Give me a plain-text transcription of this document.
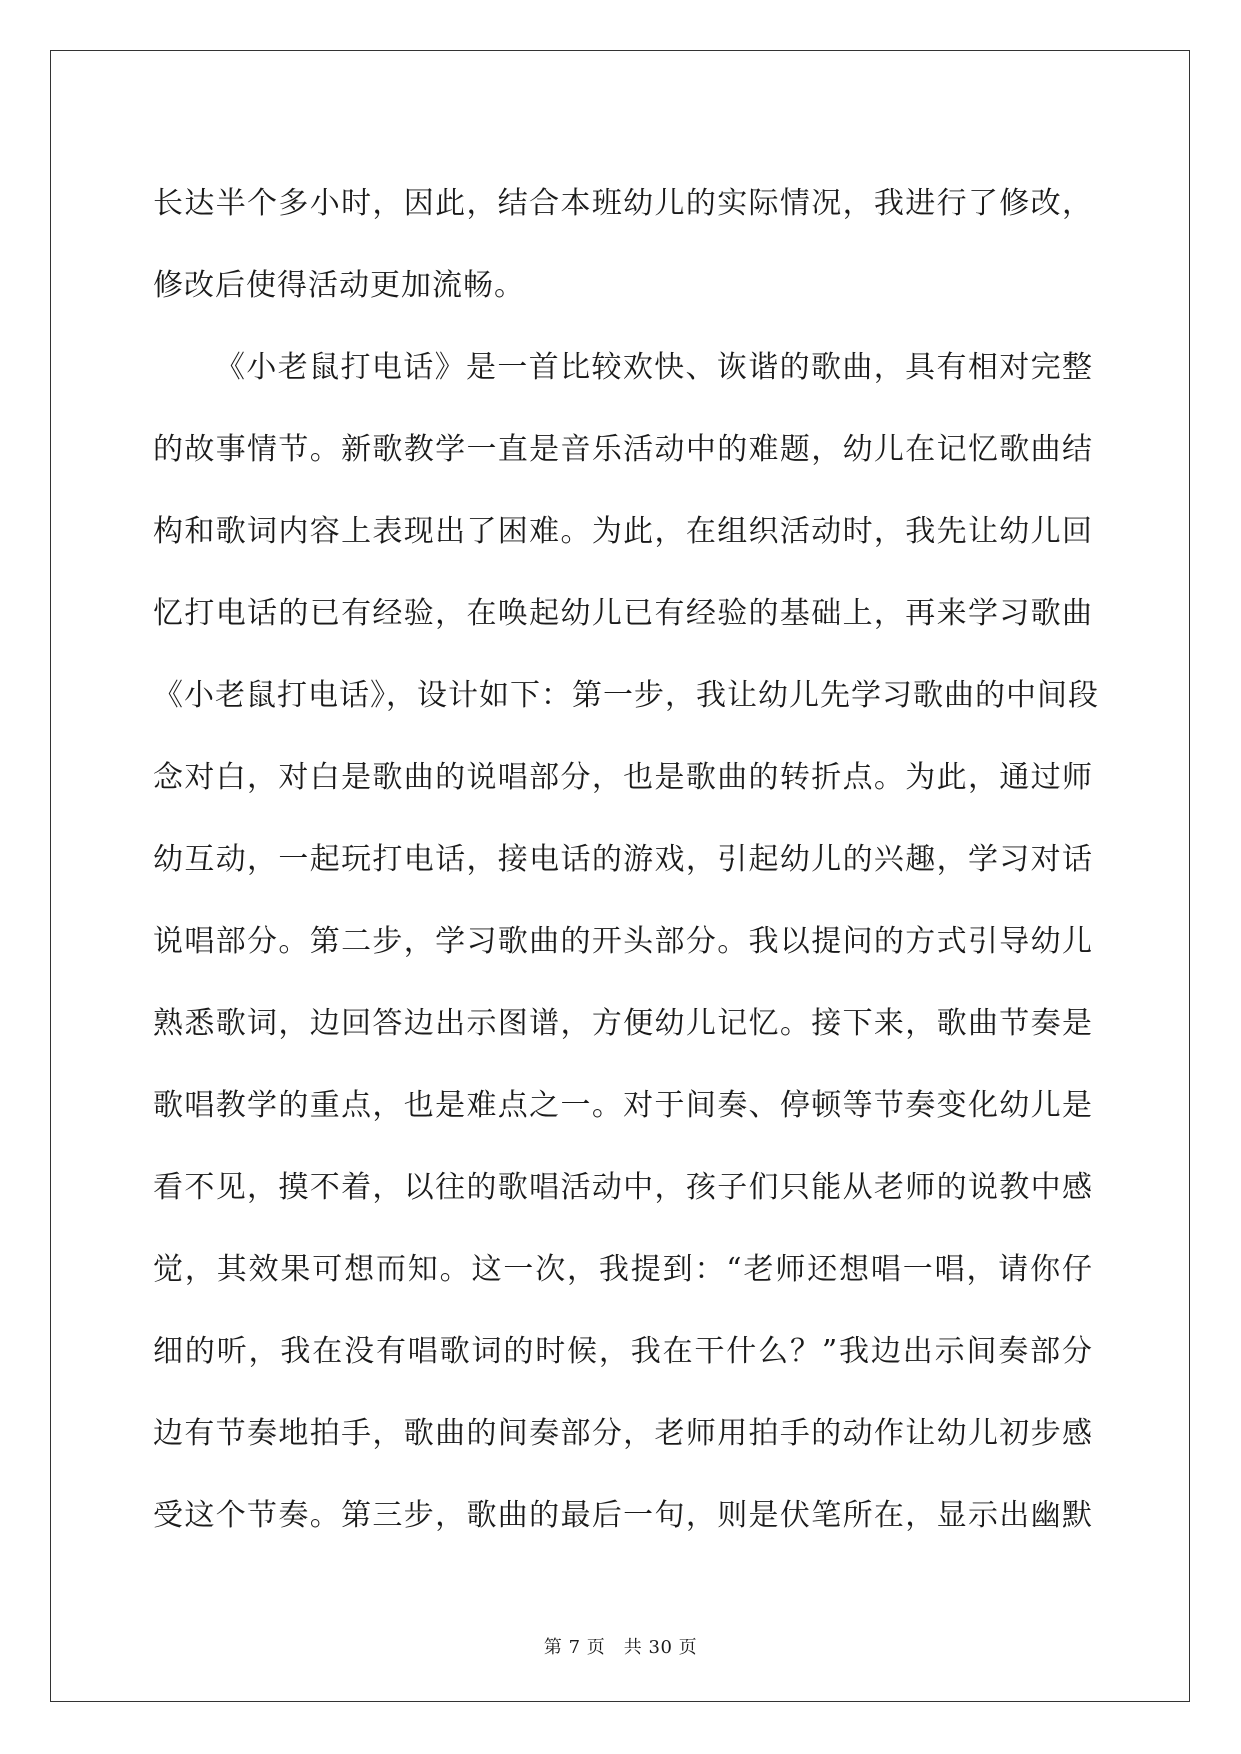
长达半个多小时，因此，结合本班幼儿的实际情况，我进行了修改，
修改后使得活动更加流畅。
《小老鼠打电话》是一首比较欢快、诙谐的歌曲，具有相对完整
的故事情节。新歌教学一直是音乐活动中的难题，幼儿在记忆歌曲结
构和歌词内容上表现出了困难。为此，在组织活动时，我先让幼儿回
忆打电话的已有经验，在唤起幼儿已有经验的基础上，再来学习歌曲
《小老鼠打电话》，设计如下：第一步，我让幼儿先学习歌曲的中间段
念对白，对白是歌曲的说唱部分，也是歌曲的转折点。为此，通过师
幼互动，一起玩打电话，接电话的游戏，引起幼儿的兴趣，学习对话
说唱部分。第二步，学习歌曲的开头部分。我以提问的方式引导幼儿
熟悉歌词，边回答边出示图谱，方便幼儿记忆。接下来，歌曲节奏是
歌唱教学的重点，也是难点之一。对于间奏、停顿等节奏变化幼儿是
看不见，摸不着，以往的歌唱活动中，孩子们只能从老师的说教中感
觉，其效果可想而知。这一次，我提到：“老师还想唱一唱，请你仔
细的听，我在没有唱歌词的时候，我在干什么？”我边出示间奏部分
边有节奏地拍手，歌曲的间奏部分，老师用拍手的动作让幼儿初步感
受这个节奏。第三步，歌曲的最后一句，则是伏笔所在，显示出幽默
第 7 页　共 30 页
